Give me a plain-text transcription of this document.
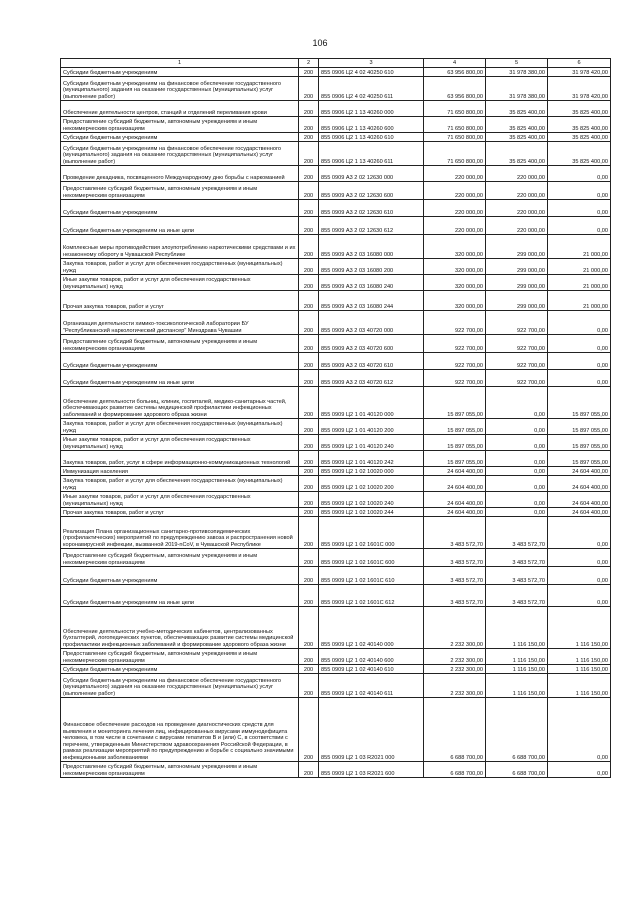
106
1	2	3	4	5	6
Субсидии бюджетным учреждениям	200	855 0906 Ц2 4 02 40250 610	63 956 800,00	31 978 380,00	31 978 420,00
Субсидии бюджетным учреждениям на финансовое обеспечение государственного (муниципального) задания на оказание государственных (муниципальных) услуг (выполнение работ)	200	855 0906 Ц2 4 02 40250 611	63 956 800,00	31 978 380,00	31 978 420,00
Обеспечение деятельности центров, станций и отделений переливания крови	200	855 0906 Ц2 1 13 40260 000	71 650 800,00	35 825 400,00	35 825 400,00
Предоставление субсидий бюджетным, автономным учреждениям и иным некоммерческим организациям	200	855 0906 Ц2 1 13 40260 600	71 650 800,00	35 825 400,00	35 825 400,00
Субсидии бюджетным учреждениям	200	855 0906 Ц2 1 13 40260 610	71 650 800,00	35 825 400,00	35 825 400,00
Субсидии бюджетным учреждениям на финансовое обеспечение государственного (муниципального) задания на оказание государственных (муниципальных) услуг (выполнение работ)	200	855 0906 Ц2 1 13 40260 611	71 650 800,00	35 825 400,00	35 825 400,00
Проведение декадника, посвященного Международному дню борьбы с наркоманией	200	855 0909 А3 2 02 12630 000	220 000,00	220 000,00	0,00
Предоставление субсидий бюджетным, автономным учреждениям и иным некоммерческим организациям	200	855 0909 А3 2 02 12630 600	220 000,00	220 000,00	0,00
Субсидии бюджетным учреждениям	200	855 0909 А3 2 02 12630 610	220 000,00	220 000,00	0,00
Субсидии бюджетным учреждениям на иные цели	200	855 0909 А3 2 02 12630 612	220 000,00	220 000,00	0,00
Комплексные меры противодействия злоупотреблению наркотическими средствами и их незаконному обороту в Чувашской Республике	200	855 0909 А3 2 03 16080 000	320 000,00	299 000,00	21 000,00
Закупка товаров, работ и услуг для обеспечения государственных (муниципальных) нужд	200	855 0909 А3 2 03 16080 200	320 000,00	299 000,00	21 000,00
Иные закупки товаров, работ и услуг для обеспечения государственных (муниципальных) нужд	200	855 0909 А3 2 03 16080 240	320 000,00	299 000,00	21 000,00
Прочая закупка товаров, работ и услуг	200	855 0909 А3 2 03 16080 244	320 000,00	299 000,00	21 000,00
Организация деятельности химико-токсикологической лаборатории БУ "Республиканский наркологический диспансер" Минздрава Чувашии	200	855 0909 А3 2 03 40720 000	922 700,00	922 700,00	0,00
Предоставление субсидий бюджетным, автономным учреждениям и иным некоммерческим организациям	200	855 0909 А3 2 03 40720 600	922 700,00	922 700,00	0,00
Субсидии бюджетным учреждениям	200	855 0909 А3 2 03 40720 610	922 700,00	922 700,00	0,00
Субсидии бюджетным учреждениям на иные цели	200	855 0909 А3 2 03 40720 612	922 700,00	922 700,00	0,00
Обеспечение деятельности больниц, клиник, госпиталей, медико-санитарных частей, обеспечивающих развитие системы медицинской профилактики инфекционных заболеваний и формирование здорового образа жизни	200	855 0909 Ц2 1 01 40120 000	15 897 055,00	0,00	15 897 055,00
Закупка товаров, работ и услуг для обеспечения государственных (муниципальных) нужд	200	855 0909 Ц2 1 01 40120 200	15 897 055,00	0,00	15 897 055,00
Иные закупки товаров, работ и услуг для обеспечения государственных (муниципальных) нужд	200	855 0909 Ц2 1 01 40120 240	15 897 055,00	0,00	15 897 055,00
Закупка товаров, работ, услуг в сфере информационно-коммуникационных технологий	200	855 0909 Ц2 1 01 40120 242	15 897 055,00	0,00	15 897 055,00
Иммунизация населения	200	855 0909 Ц2 1 02 10020 000	24 604 400,00	0,00	24 604 400,00
Закупка товаров, работ и услуг для обеспечения государственных (муниципальных) нужд	200	855 0909 Ц2 1 02 10020 200	24 604 400,00	0,00	24 604 400,00
Иные закупки товаров, работ и услуг для обеспечения государственных (муниципальных) нужд	200	855 0909 Ц2 1 02 10020 240	24 604 400,00	0,00	24 604 400,00
Прочая закупка товаров, работ и услуг	200	855 0909 Ц2 1 02 10020 244	24 604 400,00	0,00	24 604 400,00
Реализация Плана организационных санитарно-противоэпидемических (профилактических) мероприятий по предупреждению завоза и распространения новой коронавирусной инфекции, вызванной 2019-nCoV, в Чувашской Республике	200	855 0909 Ц2 1 02 1601С 000	3 483 572,70	3 483 572,70	0,00
Предоставление субсидий бюджетным, автономным учреждениям и иным некоммерческим организациям	200	855 0909 Ц2 1 02 1601С 600	3 483 572,70	3 483 572,70	0,00
Субсидии бюджетным учреждениям	200	855 0909 Ц2 1 02 1601С 610	3 483 572,70	3 483 572,70	0,00
Субсидии бюджетным учреждениям на иные цели	200	855 0909 Ц2 1 02 1601С 612	3 483 572,70	3 483 572,70	0,00
Обеспечение деятельности учебно-методических кабинетов, централизованных бухгалтерий, логопедических пунктов, обеспечивающих развитие системы медицинской профилактики инфекционных заболеваний и формирование здорового образа жизни	200	855 0909 Ц2 1 02 40140 000	2 232 300,00	1 116 150,00	1 116 150,00
Предоставление субсидий бюджетным, автономным учреждениям и иным некоммерческим организациям	200	855 0909 Ц2 1 02 40140 600	2 232 300,00	1 116 150,00	1 116 150,00
Субсидии бюджетным учреждениям	200	855 0909 Ц2 1 02 40140 610	2 232 300,00	1 116 150,00	1 116 150,00
Субсидии бюджетным учреждениям на финансовое обеспечение государственного (муниципального) задания на оказание государственных (муниципальных) услуг (выполнение работ)	200	855 0909 Ц2 1 02 40140 611	2 232 300,00	1 116 150,00	1 116 150,00
Финансовое обеспечение расходов на проведение диагностических средств для выявления и мониторинга лечения лиц, инфицированных вирусами иммунодефицита человека, в том числе в сочетании с вирусами гепатитов В и (или) С, в соответствии с перечнем, утвержденным Министерством здравоохранения Российской Федерации, в рамках реализации мероприятий по предупреждению и борьбе с социально значимыми инфекционными заболеваниями	200	855 0909 Ц2 1 03 R2021 000	6 688 700,00	6 688 700,00	0,00
Предоставление субсидий бюджетным, автономным учреждениям и иным некоммерческим организациям	200	855 0909 Ц2 1 03 R2021 600	6 688 700,00	6 688 700,00	0,00
